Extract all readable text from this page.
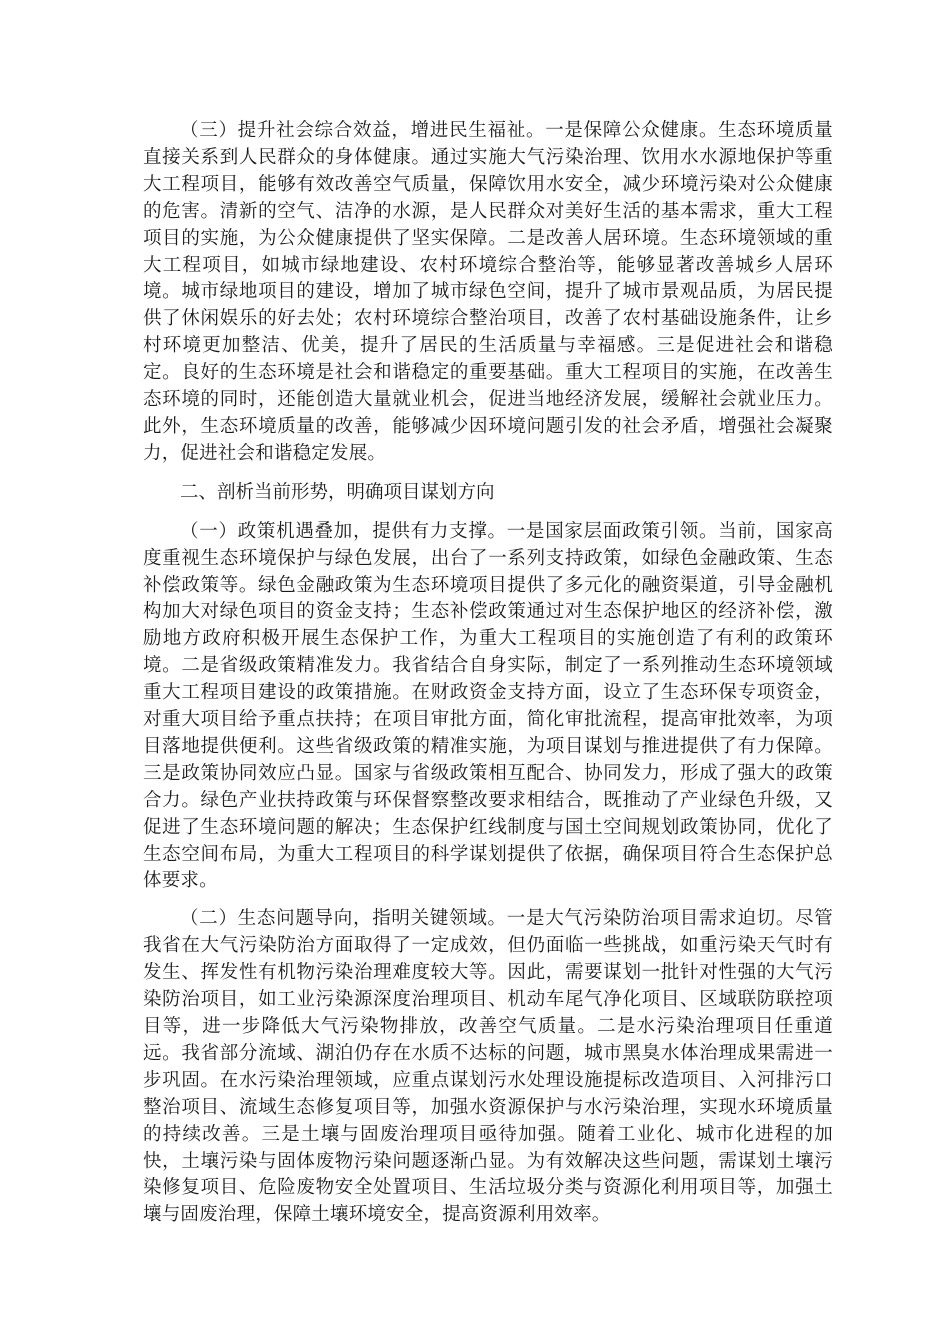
（三）提升社会综合效益，增进民生福祉。一是保障公众健康。生态环境质量直接关系到人民群众的身体健康。通过实施大气污染治理、饮用水水源地保护等重大工程项目，能够有效改善空气质量，保障饮用水安全，减少环境污染对公众健康的危害。清新的空气、洁净的水源，是人民群众对美好生活的基本需求，重大工程项目的实施，为公众健康提供了坚实保障。二是改善人居环境。生态环境领域的重大工程项目，如城市绿地建设、农村环境综合整治等，能够显著改善城乡人居环境。城市绿地项目的建设，增加了城市绿色空间，提升了城市景观品质，为居民提供了休闲娱乐的好去处；农村环境综合整治项目，改善了农村基础设施条件，让乡村环境更加整洁、优美，提升了居民的生活质量与幸福感。三是促进社会和谐稳定。良好的生态环境是社会和谐稳定的重要基础。重大工程项目的实施，在改善生态环境的同时，还能创造大量就业机会，促进当地经济发展，缓解社会就业压力。此外，生态环境质量的改善，能够减少因环境问题引发的社会矛盾，增强社会凝聚力，促进社会和谐稳定发展。

二、剖析当前形势，明确项目谋划方向

（一）政策机遇叠加，提供有力支撑。一是国家层面政策引领。当前，国家高度重视生态环境保护与绿色发展，出台了一系列支持政策，如绿色金融政策、生态补偿政策等。绿色金融政策为生态环境项目提供了多元化的融资渠道，引导金融机构加大对绿色项目的资金支持；生态补偿政策通过对生态保护地区的经济补偿，激励地方政府积极开展生态保护工作，为重大工程项目的实施创造了有利的政策环境。二是省级政策精准发力。我省结合自身实际，制定了一系列推动生态环境领域重大工程项目建设的政策措施。在财政资金支持方面，设立了生态环保专项资金，对重大项目给予重点扶持；在项目审批方面，简化审批流程，提高审批效率，为项目落地提供便利。这些省级政策的精准实施，为项目谋划与推进提供了有力保障。三是政策协同效应凸显。国家与省级政策相互配合、协同发力，形成了强大的政策合力。绿色产业扶持政策与环保督察整改要求相结合，既推动了产业绿色升级，又促进了生态环境问题的解决；生态保护红线制度与国土空间规划政策协同，优化了生态空间布局，为重大工程项目的科学谋划提供了依据，确保项目符合生态保护总体要求。

（二）生态问题导向，指明关键领域。一是大气污染防治项目需求迫切。尽管我省在大气污染防治方面取得了一定成效，但仍面临一些挑战，如重污染天气时有发生、挥发性有机物污染治理难度较大等。因此，需要谋划一批针对性强的大气污染防治项目，如工业污染源深度治理项目、机动车尾气净化项目、区域联防联控项目等，进一步降低大气污染物排放，改善空气质量。二是水污染治理项目任重道远。我省部分流域、湖泊仍存在水质不达标的问题，城市黑臭水体治理成果需进一步巩固。在水污染治理领域，应重点谋划污水处理设施提标改造项目、入河排污口整治项目、流域生态修复项目等，加强水资源保护与水污染治理，实现水环境质量的持续改善。三是土壤与固废治理项目亟待加强。随着工业化、城市化进程的加快，土壤污染与固体废物污染问题逐渐凸显。为有效解决这些问题，需谋划土壤污染修复项目、危险废物安全处置项目、生活垃圾分类与资源化利用项目等，加强土壤与固废治理，保障土壤环境安全，提高资源利用效率。
